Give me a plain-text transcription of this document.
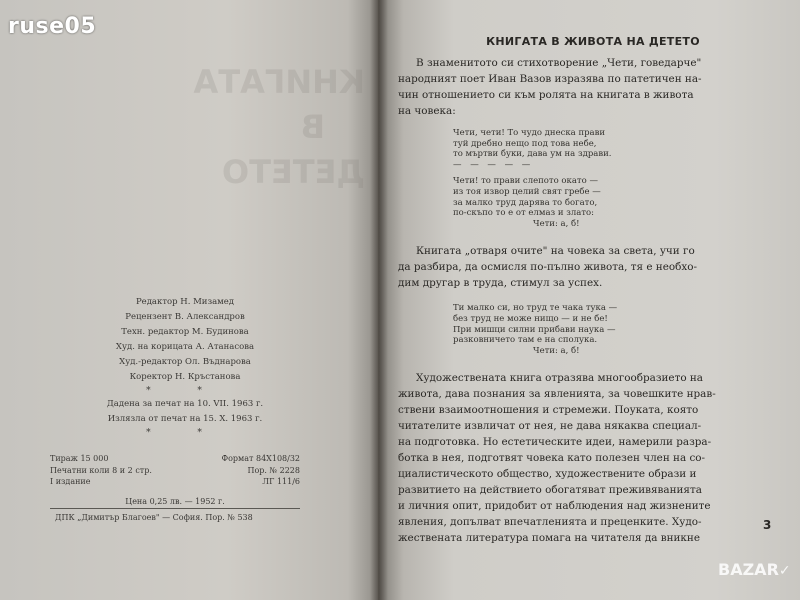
КНИГАТА
В
ДЕТЕТО
ruse05
Редактор Н. Мизамед
Рецензент В. Александров
Техн. редактор М. Будинова
Худ. на корицата А. Атанасова
Худ.-редактор Ол. Въднарова
Коректор Н. Кръстанова
* *
Дадена за печат на 10. VII. 1963 г.
Излязла от печат на 15. Х. 1963 г.
* *
Тираж 15 000	Формат 84Х108/32
Печатни коли 8 и 2 стр.	Пор. № 2228
I издание	ЛГ 111/6
Цена 0,25 лв. — 1952 г.
ДПК „Димитър Благоев" — София. Пор. № 538
КНИГАТА В ЖИВОТА НА ДЕТЕТО
В знаменитото си стихотворение „Чети, говедарче"
народният поет Иван Вазов изразява по патетичен на-
чин отношението си към ролята на книгата в живота
на човека:
Чети, чети! То чудо днеска прави
туй дребно нещо под това небе,
то мъртви буки, дава ум на здрави.
— — — — —
Чети! то прави слепото окато —
из тоя извор целий свят гребе —
за малко труд дарява то богато,
по-скъпо то е от елмаз и злато:
Чети: а, б!
Книгата „отваря очите" на човека за света, учи го
да разбира, да осмисля по-пълно живота, тя е необхо-
дим другар в труда, стимул за успех.
Ти малко си, но труд те чака тука —
без труд не може нищо — и не бе!
При мишци силни прибави наука —
разковничето там е на сполука.
Чети: а, б!
Художествената книга отразява многообразието на
живота, дава познания за явленията, за човешките нрав-
ствени взаимоотношения и стремежи. Поуката, която
читателите извличат от нея, не дава някаква специал-
на подготовка. Но естетическите идеи, намерили разра-
ботка в нея, подготвят човека като полезен член на со-
циалистическото общество, художествените образи и
развитието на действието обогатяват преживяванията
и личния опит, придобит от наблюдения над жизнените
явления, допълват впечатленията и преценките. Худо-
жествената литература помага на читателя да вникне
3
BAZAR✓
